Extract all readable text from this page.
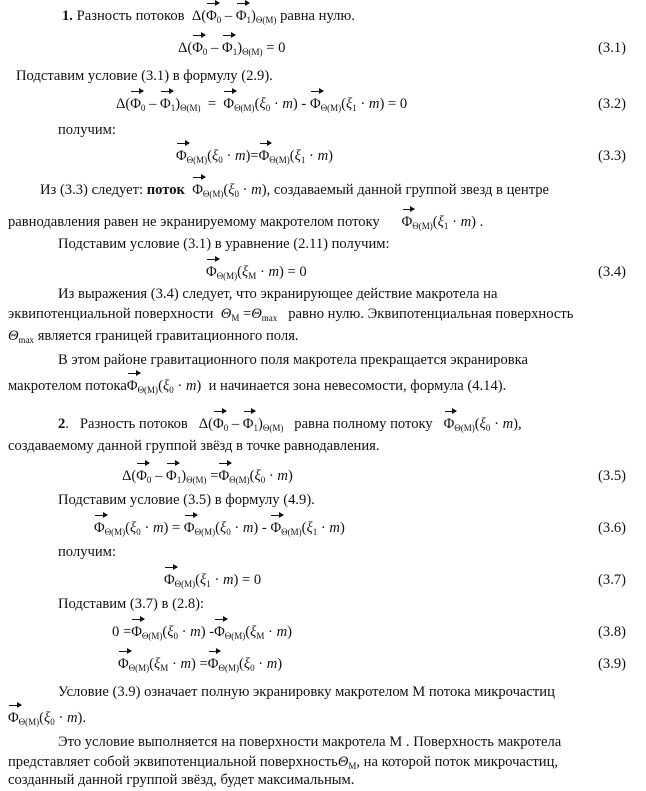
1. Разность потоков  $\Delta(\Phi_0 - \Phi_1)_{\Theta(M)}$ равна нулю.
$\Delta(\Phi_0 - \Phi_1)_{\Theta(M)} = 0$	(3.1)
Подставим условие (3.1) в формулу (2.9).
$\Delta(\Phi_0 - \Phi_1)_{\Theta(M)} = \Phi_{\Theta(M)}(\xi_0 \cdot m) - \Phi_{\Theta(M)}(\xi_1 \cdot m) = 0$	(3.2)
получим:
$\Phi_{\Theta(M)}(\xi_0 \cdot m)=\Phi_{\Theta(M)}(\xi_1 \cdot m)$	(3.3)
Из (3.3) следует: поток $\Phi_{\Theta(M)}(\xi_0 \cdot m)$, создаваемый данной группой звезд в центре
равнодавления равен не экранируемому макротелом потоку $\Phi_{\Theta(M)}(\xi_1 \cdot m)$ .
Подставим условие (3.1) в уравнение (2.11) получим:
$\Phi_{\Theta(M)}(\xi_M \cdot m) = 0$	(3.4)
Из выражения (3.4) следует, что экранирующее действие макротела на
эквипотенциальной поверхности  $\Theta_M =\Theta_{max}$ равно нулю. Эквипотенциальная поверхность
$\Theta_{max}$ является границей гравитационного поля.
В этом районе гравитационного поля макротела прекращается экранировка
макротелом $потока\Phi_{\Theta(M)}(\xi_0 \cdot m)$  и начинается зона невесомости, формула (4.14).
2.   Разность потоков   $\Delta(\Phi_0 - \Phi_1)_{\Theta(M)}$ равна полному потоку $\Phi_{\Theta(M)}(\xi_0 \cdot m)$,
создаваемому данной группой звёзд в точке равнодавления.
$\Delta(\Phi_0 - \Phi_1)_{\Theta(M)} =\Phi_{\Theta(M)}(\xi_0 \cdot m)$	(3.5)
Подставим условие (3.5) в формулу (4.9).
$\Phi_{\Theta(M)}(\xi_0 \cdot m) = \Phi_{\Theta(M)}(\xi_0 \cdot m) - \Phi_{\Theta(M)}(\xi_1 \cdot m)$	(3.6)
получим:
$\Phi_{\Theta(M)}(\xi_1 \cdot m) = 0$	(3.7)
Подставим (3.7) в (2.8):
$0 =\Phi_{\Theta(M)}(\xi_0 \cdot m) -\Phi_{\Theta(M)}(\xi_M \cdot m)$	(3.8)
$\Phi_{\Theta(M)}(\xi_M \cdot m) =\Phi_{\Theta(M)}(\xi_0 \cdot m)$	(3.9)
Условие (3.9) означает полную экранировку макротелом М потока микрочастиц
$\Phi_{\Theta(M)}(\xi_0 \cdot m)$.
Это условие выполняется на поверхности макротела M . Поверхность макротела
представляет собой эквипотенциальной поверхностьΘ$_M$, на которой поток микрочастиц,
созданный данной группой звёзд, будет максимальным.
